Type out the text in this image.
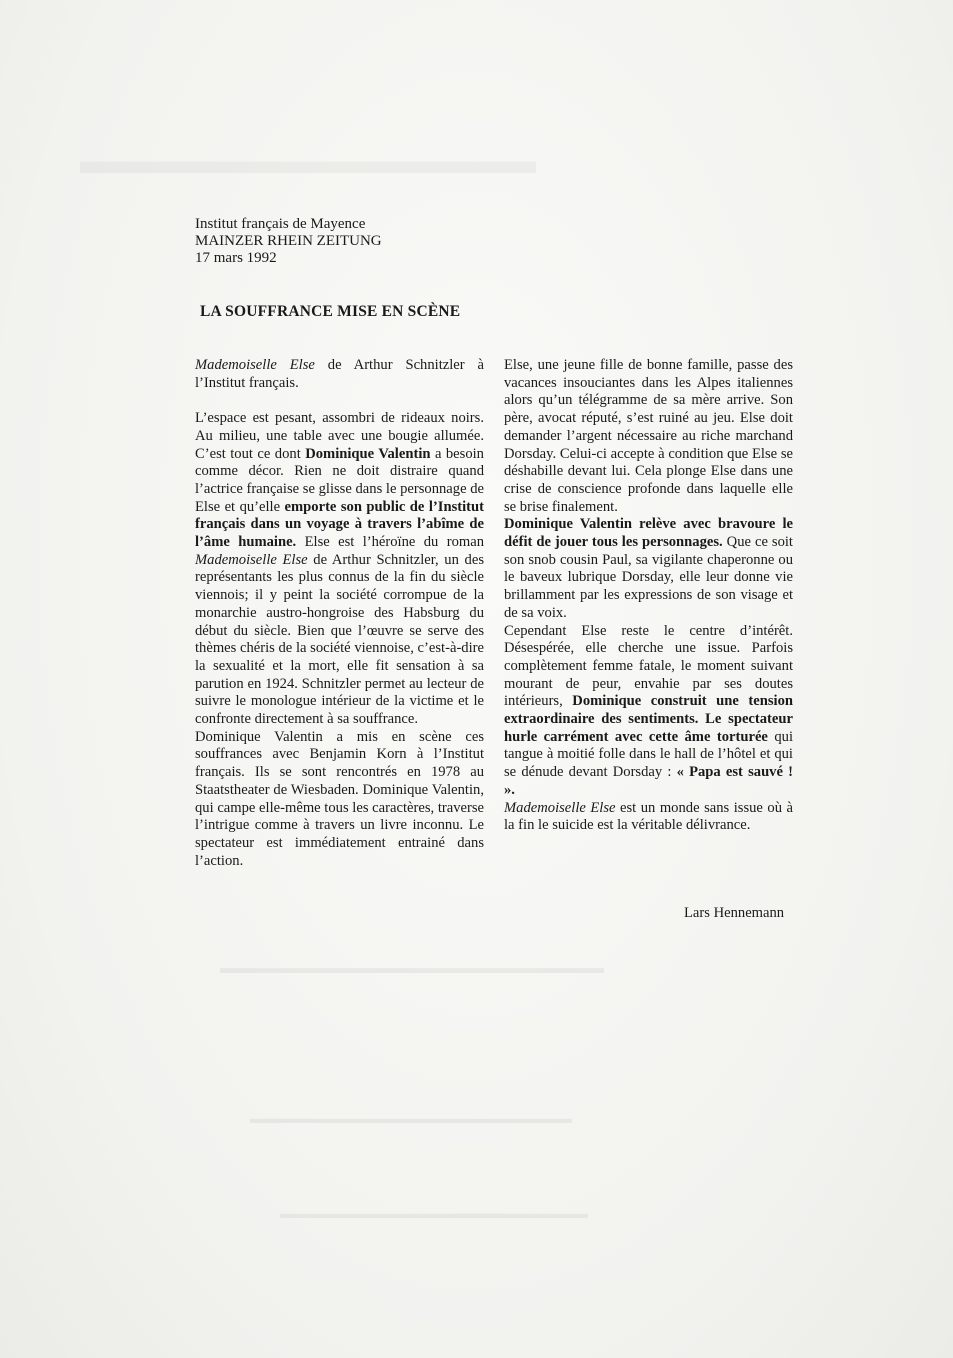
Institut français de Mayence
MAINZER RHEIN ZEITUNG
17 mars 1992
LA SOUFFRANCE MISE EN SCÈNE

Mademoiselle Else de Arthur Schnitzler à l’Institut français.

L’espace est pesant, assombri de rideaux noirs. Au milieu, une table avec une bougie allumée. C’est tout ce dont Dominique Valentin a besoin comme décor. Rien ne doit distraire quand l’actrice française se glisse dans le personnage de Else et qu’elle emporte son public de l’Institut français dans un voyage à travers l’abîme de l’âme humaine. Else est l’héroïne du roman Mademoiselle Else de Arthur Schnitzler, un des représentants les plus connus de la fin du siècle viennois; il y peint la société corrompue de la monarchie austro-hongroise des Habsburg du début du siècle. Bien que l’œuvre se serve des thèmes chéris de la société viennoise, c’est-à-dire la sexualité et la mort, elle fit sensation à sa parution en 1924. Schnitzler permet au lecteur de suivre le monologue intérieur de la victime et le confronte directement à sa souffrance.

Dominique Valentin a mis en scène ces souffrances avec Benjamin Korn à l’Institut français. Ils se sont rencontrés en 1978 au Staatstheater de Wiesbaden. Dominique Valentin, qui campe elle-même tous les caractères, traverse l’intrigue comme à travers un livre inconnu. Le spectateur est immédiatement entrainé dans l’action.

Else, une jeune fille de bonne famille, passe des vacances insouciantes dans les Alpes italiennes alors qu’un télégramme de sa mère arrive. Son père, avocat réputé, s’est ruiné au jeu. Else doit demander l’argent nécessaire au riche marchand Dorsday. Celui-ci accepte à condition que Else se déshabille devant lui. Cela plonge Else dans une crise de conscience profonde dans laquelle elle se brise finalement.

Dominique Valentin relève avec bravoure le défit de jouer tous les personnages. Que ce soit son snob cousin Paul, sa vigilante chaperonne ou le baveux lubrique Dorsday, elle leur donne vie brillamment par les expressions de son visage et de sa voix.

Cependant Else reste le centre d’intérêt. Désespérée, elle cherche une issue. Parfois complètement femme fatale, le moment suivant mourant de peur, envahie par ses doutes intérieurs, Dominique construit une tension extraordinaire des sentiments. Le spectateur hurle carrément avec cette âme torturée qui tangue à moitié folle dans le hall de l’hôtel et qui se dénude devant Dorsday : « Papa est sauvé ! ».

Mademoiselle Else est un monde sans issue où à la fin le suicide est la véritable délivrance.

Lars Hennemann
▬▬▬▬▬▬▬▬▬▬▬▬
▬▬▬▬▬▬▬▬▬▬▬▬▬▬▬▬▬▬▬▬▬▬▬▬
▬▬▬▬▬▬▬▬▬▬▬▬▬▬▬▬▬▬▬▬▬▬▬
▬▬▬▬▬▬▬▬▬▬▬▬▬▬▬▬▬▬▬▬▬▬
